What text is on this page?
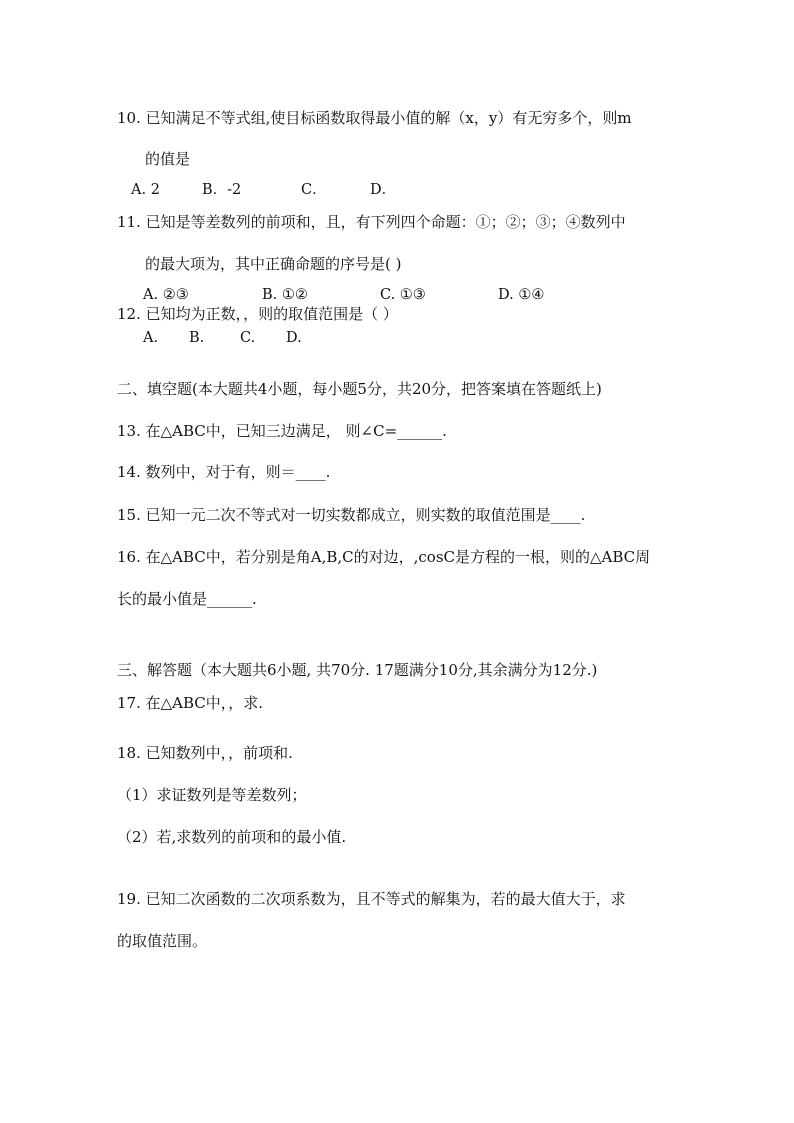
10. 已知满足不等式组,使目标函数取得最小值的解（x，y）有无穷多个，则m
的值是
A. 2	B．-2	C．	D．
11. 已知是等差数列的前项和，且，有下列四个命题：①；②；③；④数列中
的最大项为，其中正确命题的序号是( )
A. ②③	B. ①②	C. ①③	D. ①④
12. 已知均为正数，，则的取值范围是（ ）
A. B. C. D.
二、填空题(本大题共4小题，每小题5分，共20分，把答案填在答题纸上)
13. 在△ABC中，已知三边满足， 则∠C=______.
14. 数列中，对于有，则＝____.
15. 已知一元二次不等式对一切实数都成立，则实数的取值范围是____.
16. 在△ABC中，若分别是角A,B,C的对边，,cosC是方程的一根，则的△ABC周
长的最小值是______.
三、解答题（本大题共6小题, 共70分. 17题满分10分,其余满分为12分.)
17. 在△ABC中，，求.
18. 已知数列中，，前项和.
（1）求证数列是等差数列；
（2）若,求数列的前项和的最小值.
19. 已知二次函数的二次项系数为，且不等式的解集为，若的最大值大于，求
的取值范围。
